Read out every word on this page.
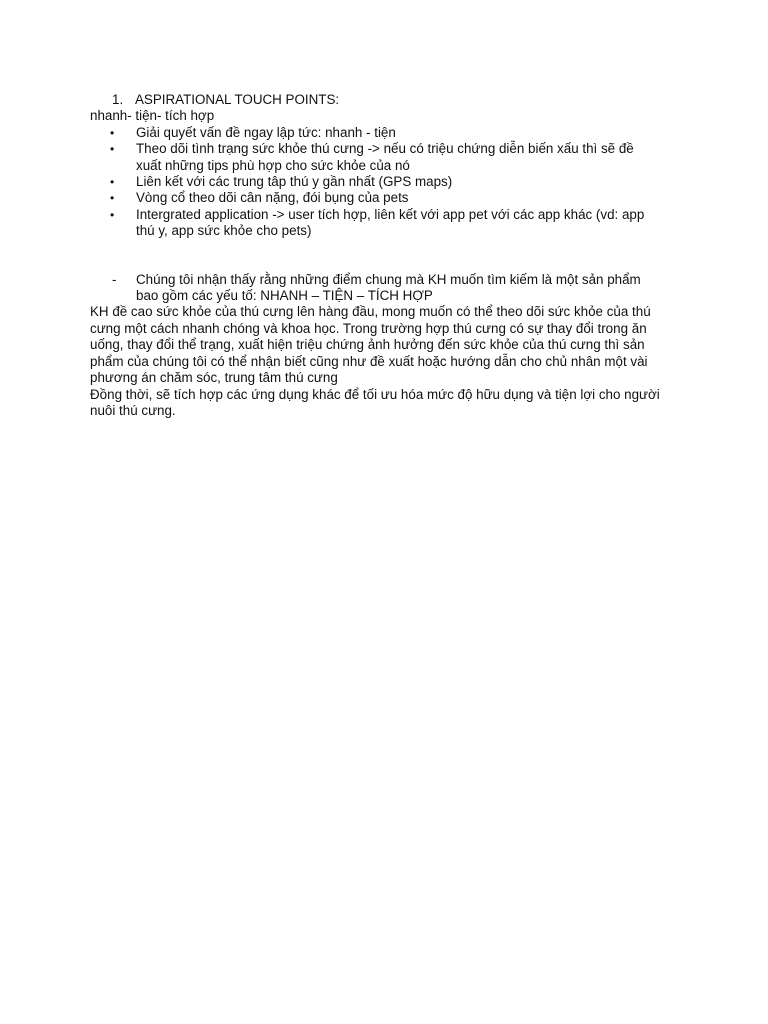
1. ASPIRATIONAL TOUCH POINTS:
nhanh- tiện- tích hợp
•	Giải quyết vấn đề ngay lập tức: nhanh - tiện
•	Theo dõi tình trạng sức khỏe thú cưng -> nếu có triệu chứng diễn biến xấu thì sẽ đề xuất những tips phù hợp cho sức khỏe của nó
•	Liên kết với các trung tâp thú y gần nhất (GPS maps)
•	Vòng cổ theo dõi cân nặng, đói bụng của pets
•	Intergrated application -> user tích hợp, liên kết với app pet với các app khác (vd: app thú y, app sức khỏe cho pets)
-	Chúng tôi nhận thấy rằng những điểm chung mà KH muốn tìm kiếm là một sản phẩm bao gồm các yếu tố: NHANH – TIỆN – TÍCH HỢP
KH đề cao sức khỏe của thú cưng lên hàng đầu, mong muốn có thể theo dõi sức khỏe của thú cưng một cách nhanh chóng và khoa học. Trong trường hợp thú cưng có sự thay đổi trong ăn uống, thay đổi thể trạng, xuất hiện triệu chứng ảnh hưởng đến sức khỏe của thú cưng thì sản phẩm của chúng tôi có thể nhận biết cũng như đề xuất hoặc hướng dẫn cho chủ nhân một vài phương án chăm sóc, trung tâm thú cưng
Đồng thời, sẽ tích hợp các ứng dụng khác để tối ưu hóa mức độ hữu dụng và tiện lợi cho người nuôi thú cưng.
